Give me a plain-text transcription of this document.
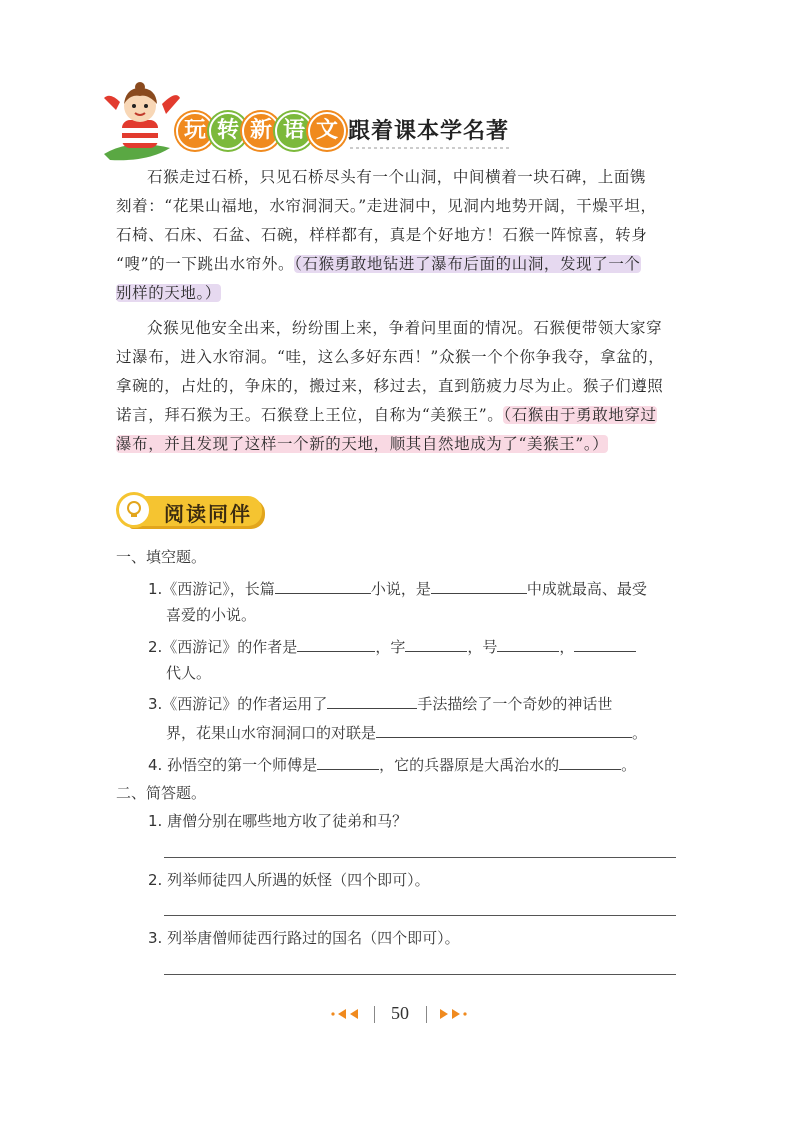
玩 转 新 语 文 跟着课本学名著
石猴走过石桥，只见石桥尽头有一个山洞，中间横着一块石碑，上面镌
刻着：“花果山福地，水帘洞洞天。”走进洞中，见洞内地势开阔，干燥平坦，
石椅、石床、石盆、石碗，样样都有，真是个好地方！石猴一阵惊喜，转身
“嗖”的一下跳出水帘外。（石猴勇敢地钻进了瀑布后面的山洞，发现了一个
别样的天地。）
众猴见他安全出来，纷纷围上来，争着问里面的情况。石猴便带领大家穿
过瀑布，进入水帘洞。“哇，这么多好东西！”众猴一个个你争我夺，拿盆的，
拿碗的，占灶的，争床的，搬过来，移过去，直到筋疲力尽为止。猴子们遵照
诺言，拜石猴为王。石猴登上王位，自称为“美猴王”。（石猴由于勇敢地穿过
瀑布，并且发现了这样一个新的天地，顺其自然地成为了“美猴王”。）
阅读同伴
一、填空题。
1.《西游记》，长篇	小说，是	中成就最高、最受
喜爱的小说。
2.《西游记》的作者是	，字	，号	，
代人。
3.《西游记》的作者运用了	手法描绘了一个奇妙的神话世
界，花果山水帘洞洞口的对联是	。
4. 孙悟空的第一个师傅是	，它的兵器原是大禹治水的	。
二、简答题。
1. 唐僧分别在哪些地方收了徒弟和马？
2. 列举师徒四人所遇的妖怪（四个即可）。
3. 列举唐僧师徒西行路过的国名（四个即可）。
50
